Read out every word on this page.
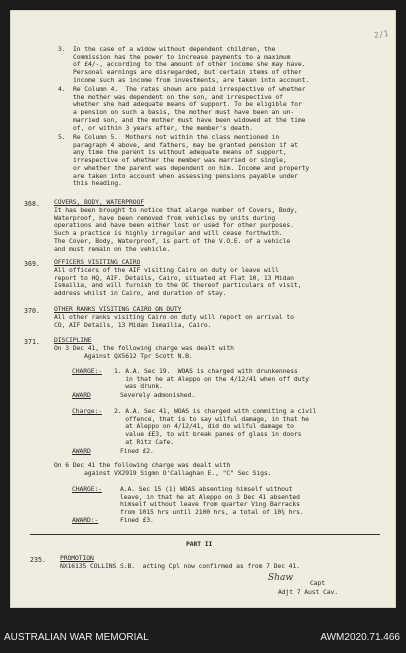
2/1
3.  In the case of a widow without dependent children, the
Commission has the power to increase payments to a maximum
of £4/-, according to the amount of other income she may have.
Personal earnings are disregarded, but certain items of other
income such as income from investments, are taken into account.
4.  Re Column 4.  The rates shown are paid irrespective of whether
the mother was dependent on the son, and irrespective of
whether she had adequate means of support. To be eligible for
a pension on such a basis, the mother must have been an un-
married son, and the mother must have been widowed at the time
of, or within 3 years after, the member's death.
5.  Re Column 5.  Mothers not within the class mentioned in
paragraph 4 above, and fathers, may be granted pension if at
any time the parent is without adequate means of support,
irrespective of whether the member was married or single,
or whether the parent was dependent on him. Income and property
are taken into account when assessing pensions payable under
this heading.
368. COVERS, BODY, WATERPROOF
It has been brought to notice that alarge number of Covers, Body,
Waterproof, have been removed from vehicles by units during
operations and have been either lost or used for other purposes.
Such a practice is highly irregular and will cease forthwith.
The Cover, Body, Waterproof, is part of the V.O.E. of a vehicle
and must remain on the vehicle.
369. OFFICERS VISITING CAIRO
All officers of the AIF visiting Cairo on duty or leave will
report to HQ, AIF. Details, Cairo, situated at Flat 10, 13 Midan
Ismailia, and will furnish to the OC thereof particulars of visit,
address whilst in Cairo, and duration of stay.
370. OTHER RANKS VISITING CAIRO ON DUTY
All other ranks visiting Cairo on duty will report on arrival to
CO, AIF Details, 13 Midan Ismailia, Cairo.
371. DISCIPLINE
On 3 Dec 41, the following charge was dealt with
Against QX5612 Tpr Scott N.B.
CHARGE:- 1. A.A. Sec 19.  WOAS is charged with drunkenness
in that he at Aleppo on the 4/12/41 when off duty
was drunk.
AWARD	Severely admonished.
Charge:- 2. A.A. Sec 41, WOAS is charged with commiting a civil
offence, that is to say wilful damage, in that he
at Aleppo on 4/12/41, did do wilful damage to
value £E3, to wit break panes of glass in doors
at Ritz Cafe.
AWARD	Fined £2.
On 6 Dec 41 the following charge was dealt with
against VX2919 Sigmn O'Callaghan E., "C" Sec Sigs.
CHARGE:-	A.A. Sec 15 (1) WOAS absenting himself without
leave, in that he at Aleppo on 3 Dec 41 absented
himself without leave from quarter Ving Barracks
from 1015 hrs until 2100 hrs, a total of 10¾ hrs.
AWARD:-	Fined £3.
PART II
235. PROMOTION
NX16135 COLLINS S.B.  acting Cpl now confirmed as from 7 Dec 41.
Shaw	Capt
Adjt 7 Aust Cav.
AUSTRALIAN WAR MEMORIAL	AWM2020.71.466
